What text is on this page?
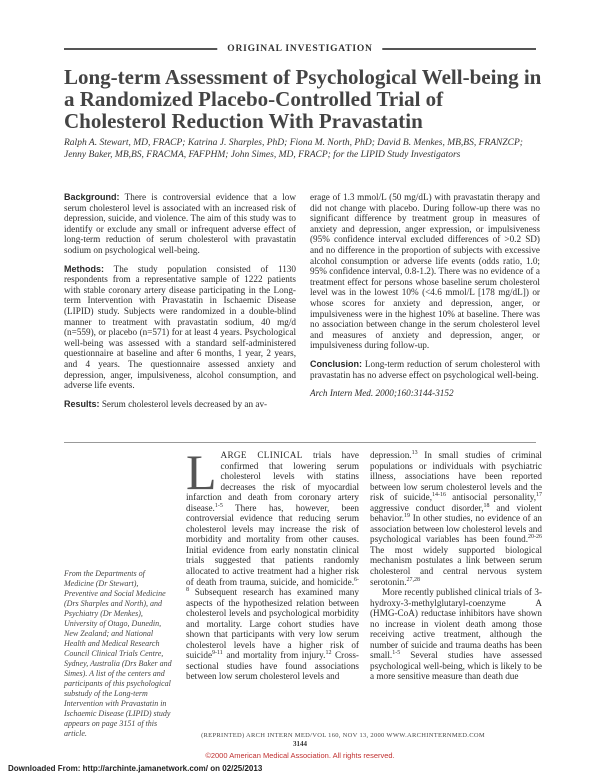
ORIGINAL INVESTIGATION
Long-term Assessment of Psychological Well-being in a Randomized Placebo-Controlled Trial of Cholesterol Reduction With Pravastatin
Ralph A. Stewart, MD, FRACP; Katrina J. Sharples, PhD; Fiona M. North, PhD; David B. Menkes, MB,BS, FRANZCP; Jenny Baker, MB,BS, FRACMA, FAFPHM; John Simes, MD, FRACP; for the LIPID Study Investigators

Background: There is controversial evidence that a low serum cholesterol level is associated with an increased risk of depression, suicide, and violence. The aim of this study was to identify or exclude any small or infrequent adverse effect of long-term reduction of serum cholesterol with pravastatin sodium on psychological well-being.

Methods: The study population consisted of 1130 respondents from a representative sample of 1222 patients with stable coronary artery disease participating in the Long-term Intervention with Pravastatin in Ischaemic Disease (LIPID) study. Subjects were randomized in a double-blind manner to treatment with pravastatin sodium, 40 mg/d (n=559), or placebo (n=571) for at least 4 years. Psychological well-being was assessed with a standard self-administered questionnaire at baseline and after 6 months, 1 year, 2 years, and 4 years. The questionnaire assessed anxiety and depression, anger, impulsiveness, alcohol consumption, and adverse life events.

Results: Serum cholesterol levels decreased by an av-

erage of 1.3 mmol/L (50 mg/dL) with pravastatin therapy and did not change with placebo. During follow-up there was no significant difference by treatment group in measures of anxiety and depression, anger expression, or impulsiveness (95% confidence interval excluded differences of >0.2 SD) and no difference in the proportion of subjects with excessive alcohol consumption or adverse life events (odds ratio, 1.0; 95% confidence interval, 0.8-1.2). There was no evidence of a treatment effect for persons whose baseline serum cholesterol level was in the lowest 10% (<4.6 mmol/L [178 mg/dL]) or whose scores for anxiety and depression, anger, or impulsiveness were in the highest 10% at baseline. There was no association between change in the serum cholesterol level and measures of anxiety and depression, anger, or impulsiveness during follow-up.

Conclusion: Long-term reduction of serum cholesterol with pravastatin has no adverse effect on psychological well-being.

Arch Intern Med. 2000;160:3144-3152

From the Departments of Medicine (Dr Stewart), Preventive and Social Medicine (Drs Sharples and North), and Psychiatry (Dr Menkes), University of Otago, Dunedin, New Zealand; and National Health and Medical Research Council Clinical Trials Centre, Sydney, Australia (Drs Baker and Simes). A list of the centers and participants of this psychological substudy of the Long-term Intervention with Pravastatin in Ischaemic Disease (LIPID) study appears on page 3151 of this article.

LARGE CLINICAL trials have confirmed that lowering serum cholesterol levels with statins decreases the risk of myocardial infarction and death from coronary artery disease.$^{1-5}$ There has, however, been controversial evidence that reducing serum cholesterol levels may increase the risk of morbidity and mortality from other causes. Initial evidence from early nonstatin clinical trials suggested that patients randomly allocated to active treatment had a higher risk of death from trauma, suicide, and homicide.$^{6-8}$ Subsequent research has examined many aspects of the hypothesized relation between cholesterol levels and psychological morbidity and mortality. Large cohort studies have shown that participants with very low serum cholesterol levels have a higher risk of suicide$^{9-11}$ and mortality from injury.$^{12}$ Cross-sectional studies have found associations between low serum cholesterol levels and

depression.$^{13}$ In small studies of criminal populations or individuals with psychiatric illness, associations have been reported between low serum cholesterol levels and the risk of suicide,$^{14-16}$ antisocial personality,$^{17}$ aggressive conduct disorder,$^{18}$ and violent behavior.$^{19}$ In other studies, no evidence of an association between low cholesterol levels and psychological variables has been found.$^{20-26}$ The most widely supported biological mechanism postulates a link between serum cholesterol and central nervous system serotonin.$^{27,28}$

More recently published clinical trials of 3-hydroxy-3-methylglutaryl-coenzyme A (HMG-CoA) reductase inhibitors have shown no increase in violent death among those receiving active treatment, although the number of suicide and trauma deaths has been small.$^{1-5}$ Several studies have assessed psychological well-being, which is likely to be a more sensitive measure than death due

(REPRINTED) ARCH INTERN MED/VOL 160, NOV 13, 2000 WWW.ARCHINTERNMED.COM
3144
©2000 American Medical Association. All rights reserved.
Downloaded From: http://archinte.jamanetwork.com/ on 02/25/2013
